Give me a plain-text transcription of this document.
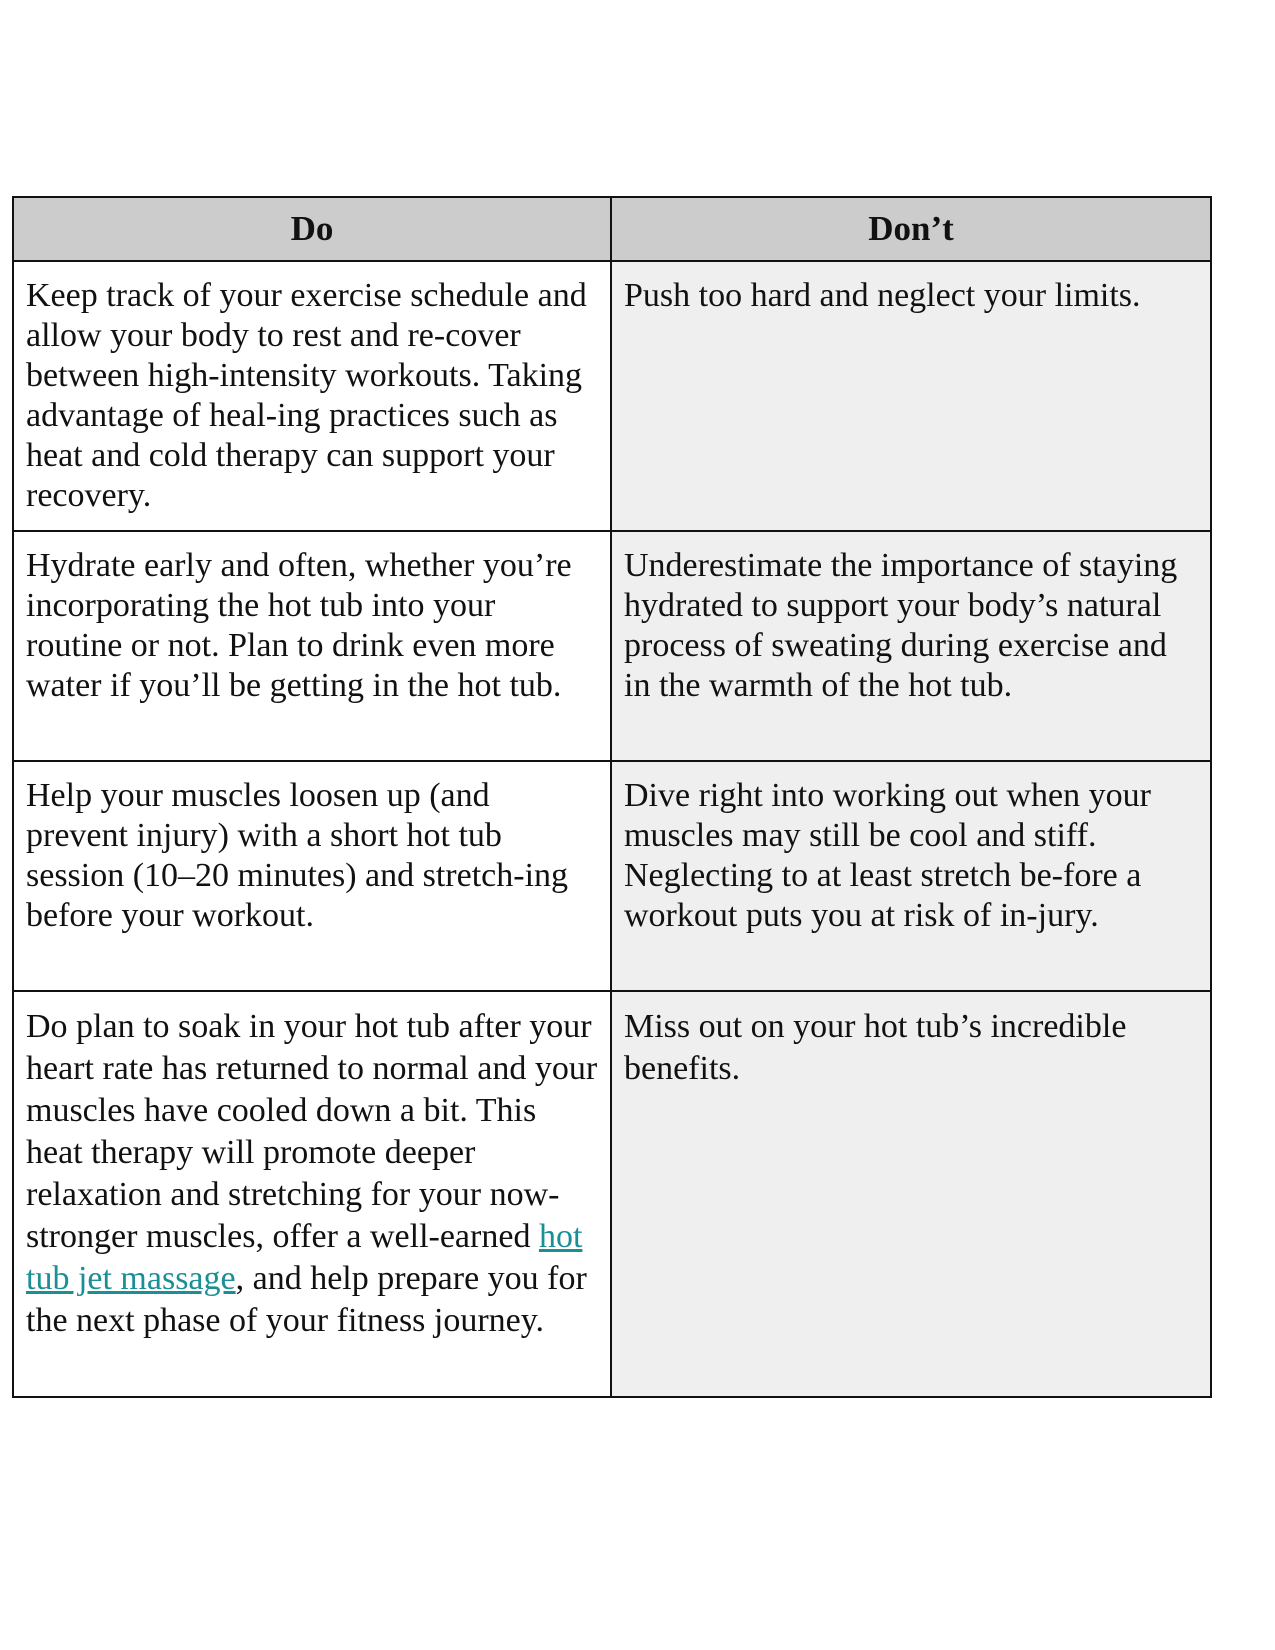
Do	Don’t
Keep track of your exercise schedule and allow your body to rest and re-cover between high-intensity workouts. Taking advantage of heal-ing practices such as heat and cold therapy can support your recovery.	Push too hard and neglect your limits.
Hydrate early and often, whether you’re incorporating the hot tub into your routine or not. Plan to drink even more water if you’ll be getting in the hot tub.	Underestimate the importance of staying hydrated to support your body’s natural process of sweating during exercise and in the warmth of the hot tub.
Help your muscles loosen up (and prevent injury) with a short hot tub session (10–20 minutes) and stretch-ing before your workout.	Dive right into working out when your muscles may still be cool and stiff. Neglecting to at least stretch be-fore a workout puts you at risk of in-jury.
Do plan to soak in your hot tub after your heart rate has returned to normal and your muscles have cooled down a bit. This heat therapy will promote deeper relaxation and stretching for your now-stronger muscles, offer a well-earned hot tub jet massage, and help prepare you for the next phase of your fitness journey.	Miss out on your hot tub’s incredible benefits.
